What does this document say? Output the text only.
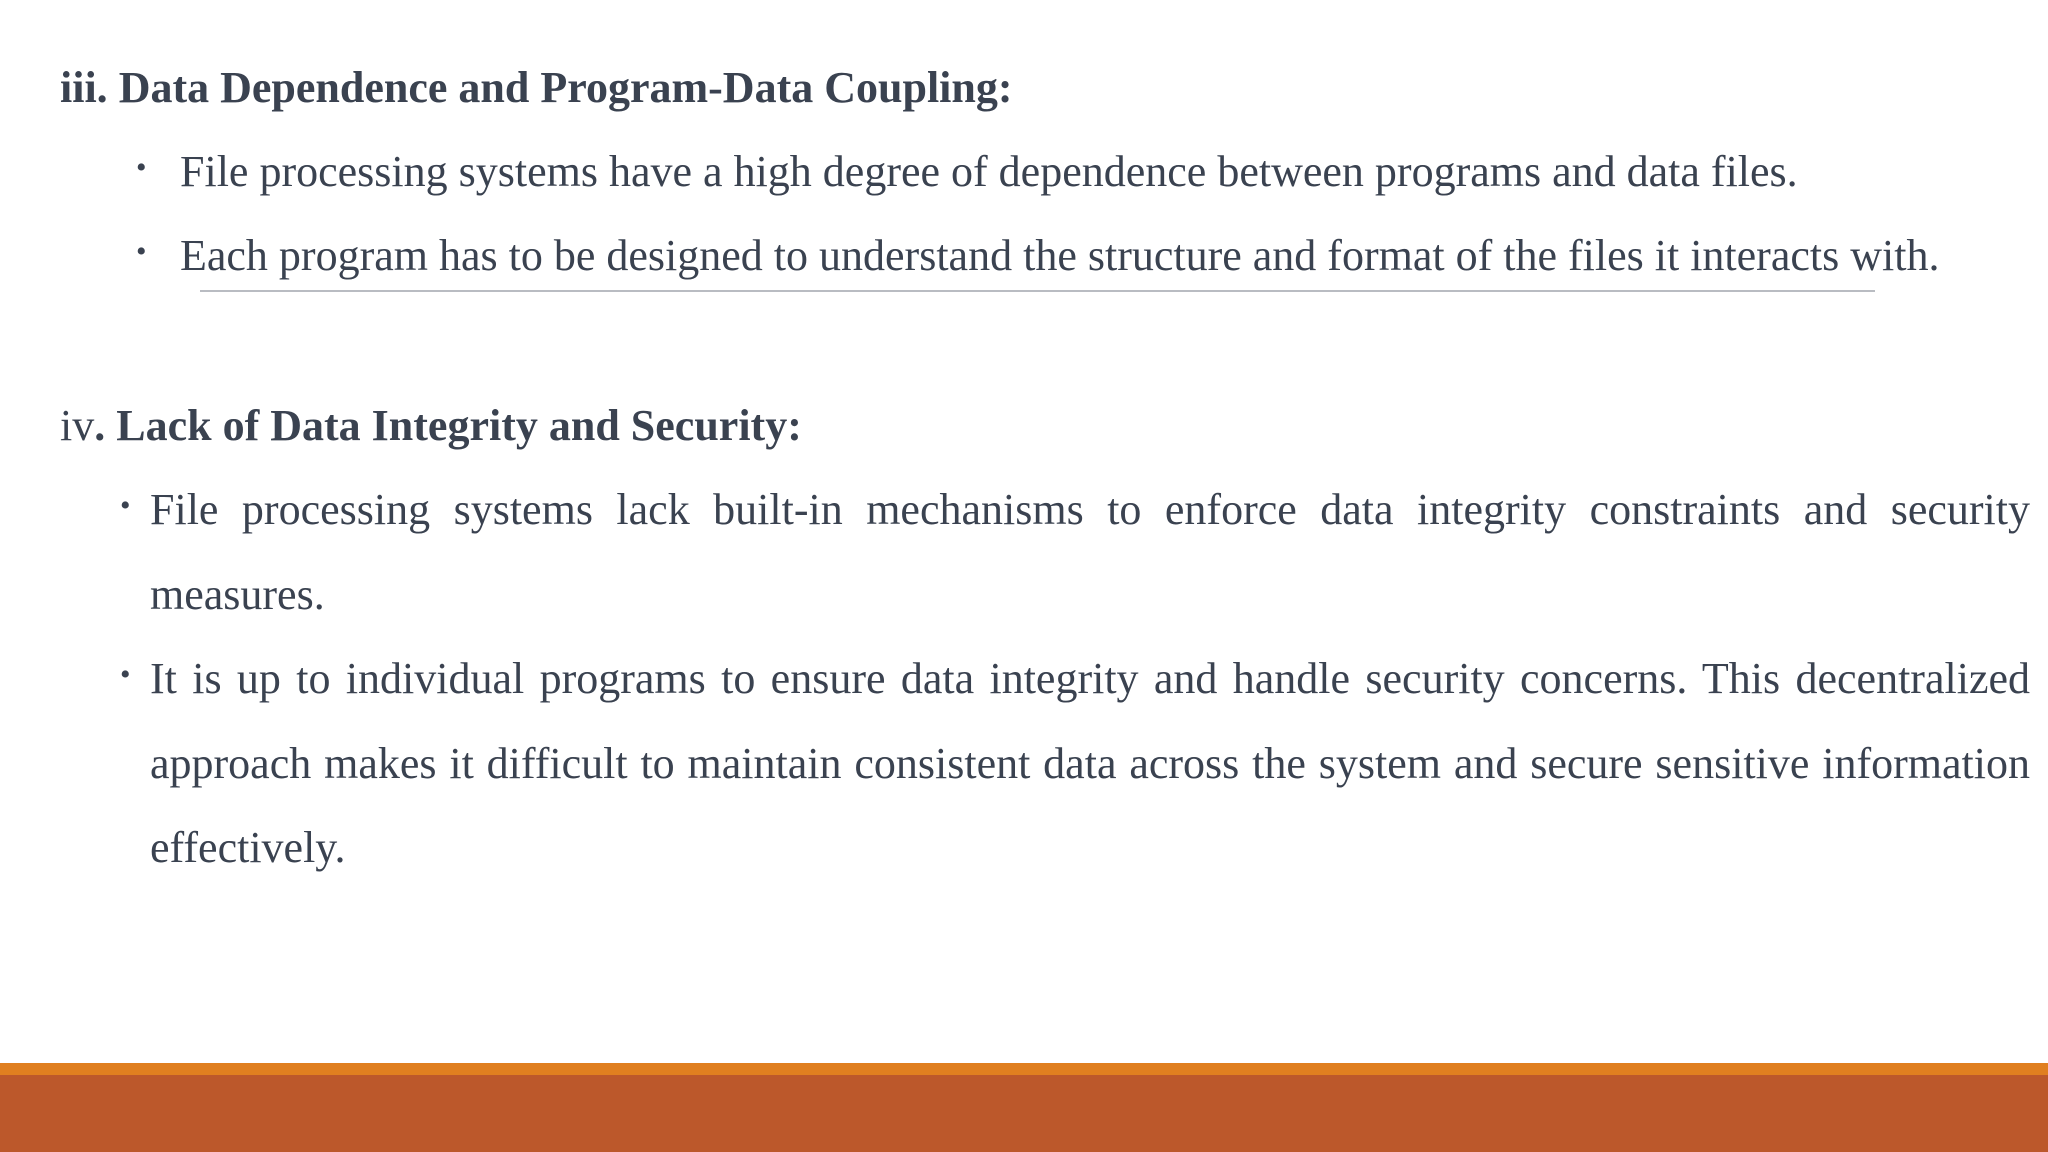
iii. Data Dependence and Program-Data Coupling:
• File processing systems have a high degree of dependence between programs and data files.
• Each program has to be designed to understand the structure and format of the files it interacts with.
iv. Lack of Data Integrity and Security:
• File processing systems lack built-in mechanisms to enforce data integrity constraints and security measures.
• It is up to individual programs to ensure data integrity and handle security concerns. This decentralized approach makes it difficult to maintain consistent data across the system and secure sensitive information effectively.
